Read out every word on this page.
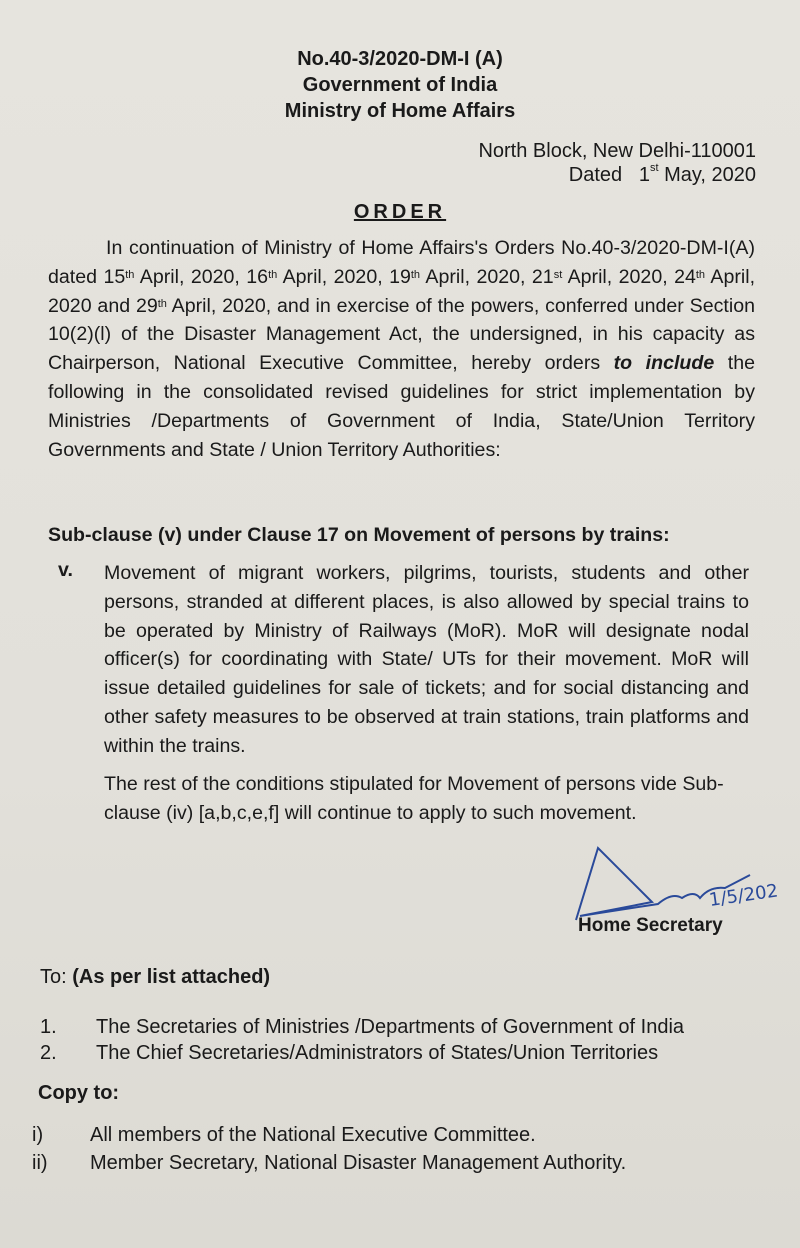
No.40-3/2020-DM-I (A)
Government of India
Ministry of Home Affairs
North Block, New Delhi-110001
Dated 1st May, 2020
ORDER
In continuation of Ministry of Home Affairs's Orders No.40-3/2020-DM-I(A) dated 15th April, 2020, 16th April, 2020, 19th April, 2020, 21st April, 2020, 24th April, 2020 and 29th April, 2020, and in exercise of the powers, conferred under Section 10(2)(l) of the Disaster Management Act, the undersigned, in his capacity as Chairperson, National Executive Committee, hereby orders to include the following in the consolidated revised guidelines for strict implementation by Ministries /Departments of Government of India, State/Union Territory Governments and State / Union Territory Authorities:
Sub-clause (v) under Clause 17 on Movement of persons by trains:
v. Movement of migrant workers, pilgrims, tourists, students and other persons, stranded at different places, is also allowed by special trains to be operated by Ministry of Railways (MoR). MoR will designate nodal officer(s) for coordinating with State/ UTs for their movement. MoR will issue detailed guidelines for sale of tickets; and for social distancing and other safety measures to be observed at train stations, train platforms and within the trains.
The rest of the conditions stipulated for Movement of persons vide Sub-clause (iv) [a,b,c,e,f] will continue to apply to such movement.
1/5/202
Home Secretary
To: (As per list attached)
1. The Secretaries of Ministries /Departments of Government of India
2. The Chief Secretaries/Administrators of States/Union Territories
Copy to:
i) All members of the National Executive Committee.
ii) Member Secretary, National Disaster Management Authority.
